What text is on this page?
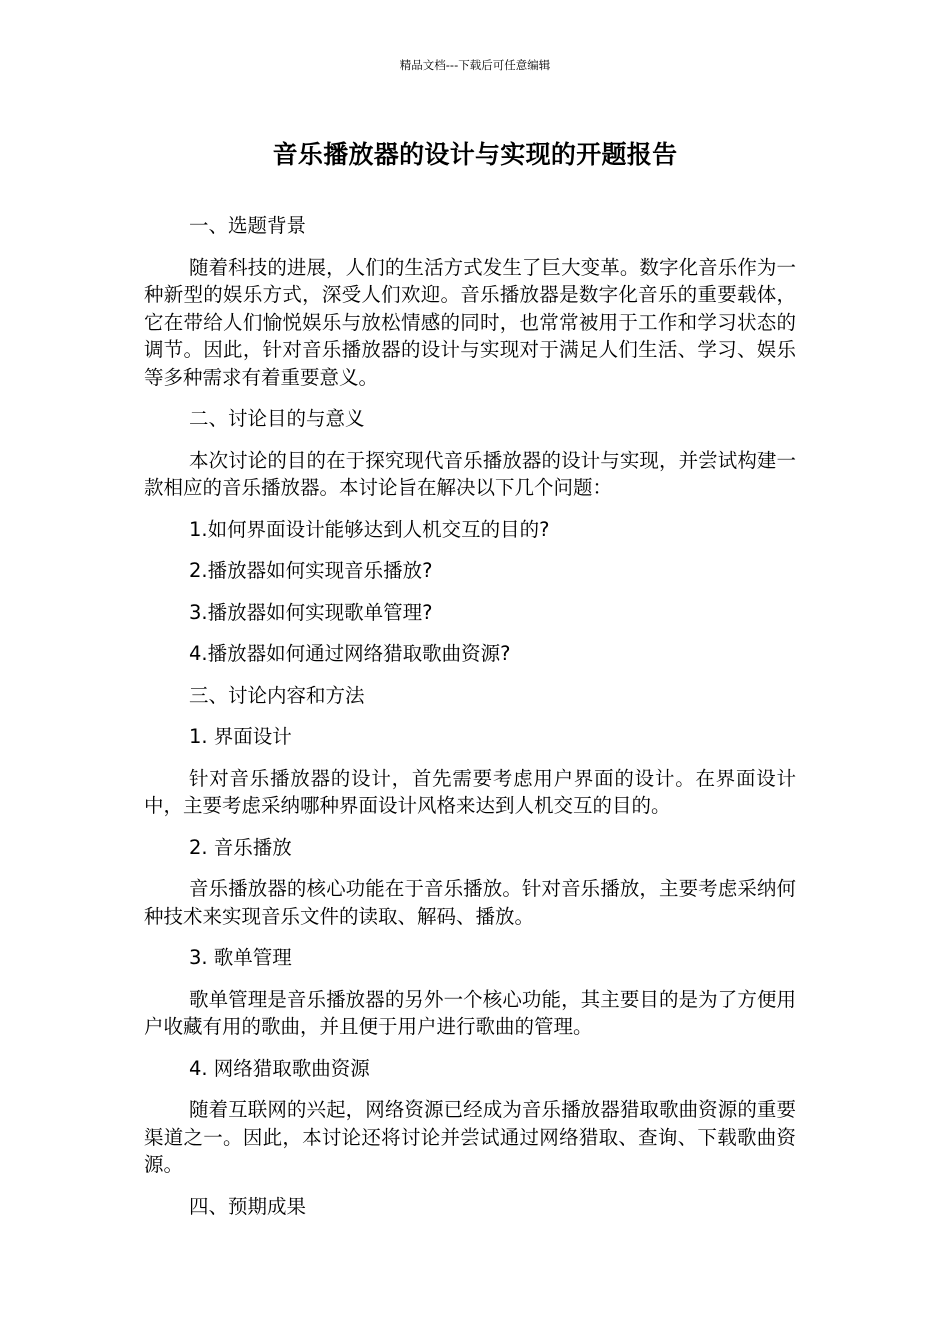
精品文档---下载后可任意编辑
音乐播放器的设计与实现的开题报告

一、选题背景

随着科技的进展，人们的生活方式发生了巨大变革。数字化音乐作为一种新型的娱乐方式，深受人们欢迎。音乐播放器是数字化音乐的重要载体，它在带给人们愉悦娱乐与放松情感的同时，也常常被用于工作和学习状态的调节。因此，针对音乐播放器的设计与实现对于满足人们生活、学习、娱乐等多种需求有着重要意义。

二、讨论目的与意义

本次讨论的目的在于探究现代音乐播放器的设计与实现，并尝试构建一款相应的音乐播放器。本讨论旨在解决以下几个问题：

1.如何界面设计能够达到人机交互的目的?

2.播放器如何实现音乐播放?

3.播放器如何实现歌单管理?

4.播放器如何通过网络猎取歌曲资源?

三、讨论内容和方法

1. 界面设计

针对音乐播放器的设计，首先需要考虑用户界面的设计。在界面设计中，主要考虑采纳哪种界面设计风格来达到人机交互的目的。

2. 音乐播放

音乐播放器的核心功能在于音乐播放。针对音乐播放，主要考虑采纳何种技术来实现音乐文件的读取、解码、播放。

3. 歌单管理

歌单管理是音乐播放器的另外一个核心功能，其主要目的是为了方便用户收藏有用的歌曲，并且便于用户进行歌曲的管理。

4. 网络猎取歌曲资源

随着互联网的兴起，网络资源已经成为音乐播放器猎取歌曲资源的重要渠道之一。因此，本讨论还将讨论并尝试通过网络猎取、查询、下载歌曲资源。

四、预期成果
